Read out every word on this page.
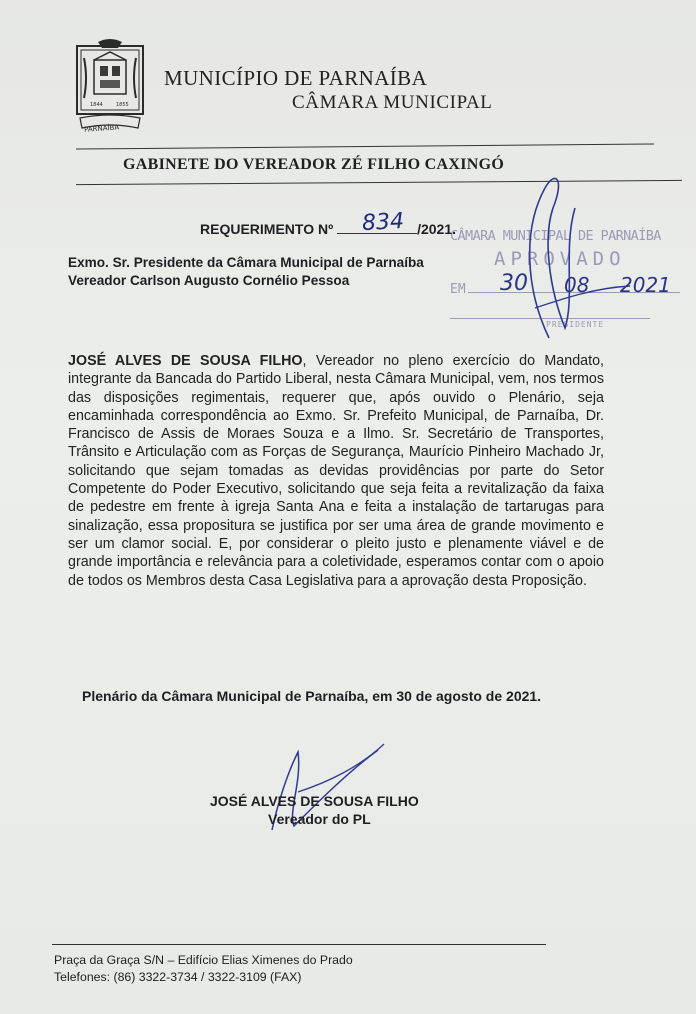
1844	1855
PARNAÍBA
MUNICÍPIO DE PARNAÍBA
CÂMARA MUNICIPAL
GABINETE DO VEREADOR ZÉ FILHO CAXINGÓ
REQUERIMENTO Nº	/2021.
834
Exmo. Sr. Presidente da Câmara Municipal de Parnaíba
Vereador Carlson Augusto Cornélio Pessoa
CÂMARA MUNICIPAL DE PARNAÍBA
APROVADO
EM
PRESIDENTE
30 08 2021
JOSÉ ALVES DE SOUSA FILHO, Vereador no pleno exercício do Mandato, integrante da Bancada do Partido Liberal, nesta Câmara Municipal, vem, nos termos das disposições regimentais, requerer que, após ouvido o Plenário, seja encaminhada correspondência ao Exmo. Sr. Prefeito Municipal, de Parnaíba, Dr. Francisco de Assis de Moraes Souza e a Ilmo. Sr. Secretário de Transportes, Trânsito e Articulação com as Forças de Segurança, Maurício Pinheiro Machado Jr, solicitando que sejam tomadas as devidas providências por parte do Setor Competente do Poder Executivo, solicitando que seja feita a revitalização da faixa de pedestre em frente à igreja Santa Ana e feita a instalação de tartarugas para sinalização, essa propositura se justifica por ser uma área de grande movimento e ser um clamor social. E, por considerar o pleito justo e plenamente viável e de grande importância e relevância para a coletividade, esperamos contar com o apoio de todos os Membros desta Casa Legislativa para a aprovação desta Proposição.
Plenário da Câmara Municipal de Parnaíba, em 30 de agosto de 2021.
JOSÉ ALVES DE SOUSA FILHO
Vereador do PL
Praça da Graça S/N – Edifício Elias Ximenes do Prado
Telefones: (86) 3322-3734 / 3322-3109 (FAX)
